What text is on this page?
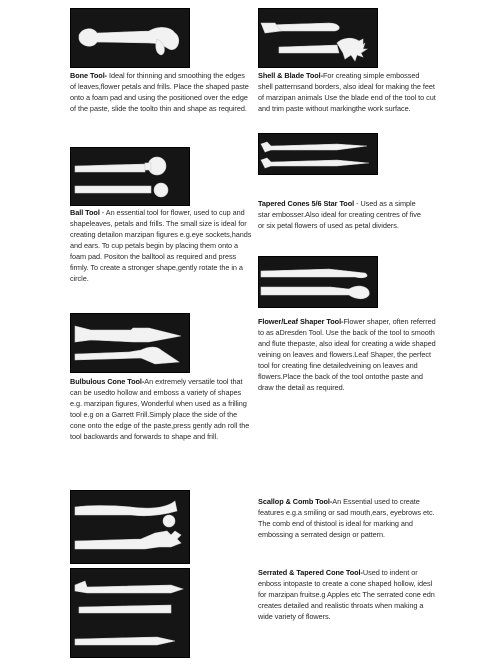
Bone Tool- Ideal for thinning and smoothing the edges of leaves,flower petals and frills. Place the shaped paste onto a foam pad and using the positioned over the edge of the paste, slide the toolto thin and shape as required.
Shell & Blade Tool-For creating simple embossed shell patternsand borders, also ideal for making the feet of marzipan animals Use the blade end of the tool to cut and trim paste without markingthe work surface.
Ball Tool - An essential tool for flower, used to cup and shapeleaves, petals and frills. The small size is ideal for creating detailon marzipan figures e.g.eye sockets,hands and ears. To cup petals begin by placing them onto a foam pad. Positon the balltool as required and press firmly. To create a stronger shape,gently rotate the in a circle.
Tapered Cones 5/6 Star Tool - Used as a simple star embosser.Also ideal for creating centres of five or six petal flowers of used as petal dividers.
Flower/Leaf Shaper Tool-Flower shaper, often referred to as aDresden Tool. Use the back of the tool to smooth and flute thepaste, also ideal for creating a wide shaped veining on leaves and flowers.Leaf Shaper, the perfect tool for creating fine detailedveining on leaves and flowers.Place the back of the tool ontothe paste and draw the detail as required.
Bulbulous Cone Tool-An extremely versatile tool that can be usedto hollow and emboss a variety of shapes e.g. marzipan figures, Wonderful when used as a frilling tool e.g on a Garrett Frill.Simply place the side of the cone onto the edge of the paste,press gently adn roll the tool backwards and forwards to shape and frill.
Scallop & Comb Tool-An Essential used to create features e.g.a smiling or sad mouth,ears, eyebrows etc. The comb end of thistool is ideal for marking and embossing a serrated design or pattern.
Serrated & Tapered Cone Tool-Used to indent or enboss intopaste to create a cone shaped hollow, idesl for marzipan fruitse.g Apples etc The serrated cone edn creates detailed and realistic throats when making a wide variety of flowers.
